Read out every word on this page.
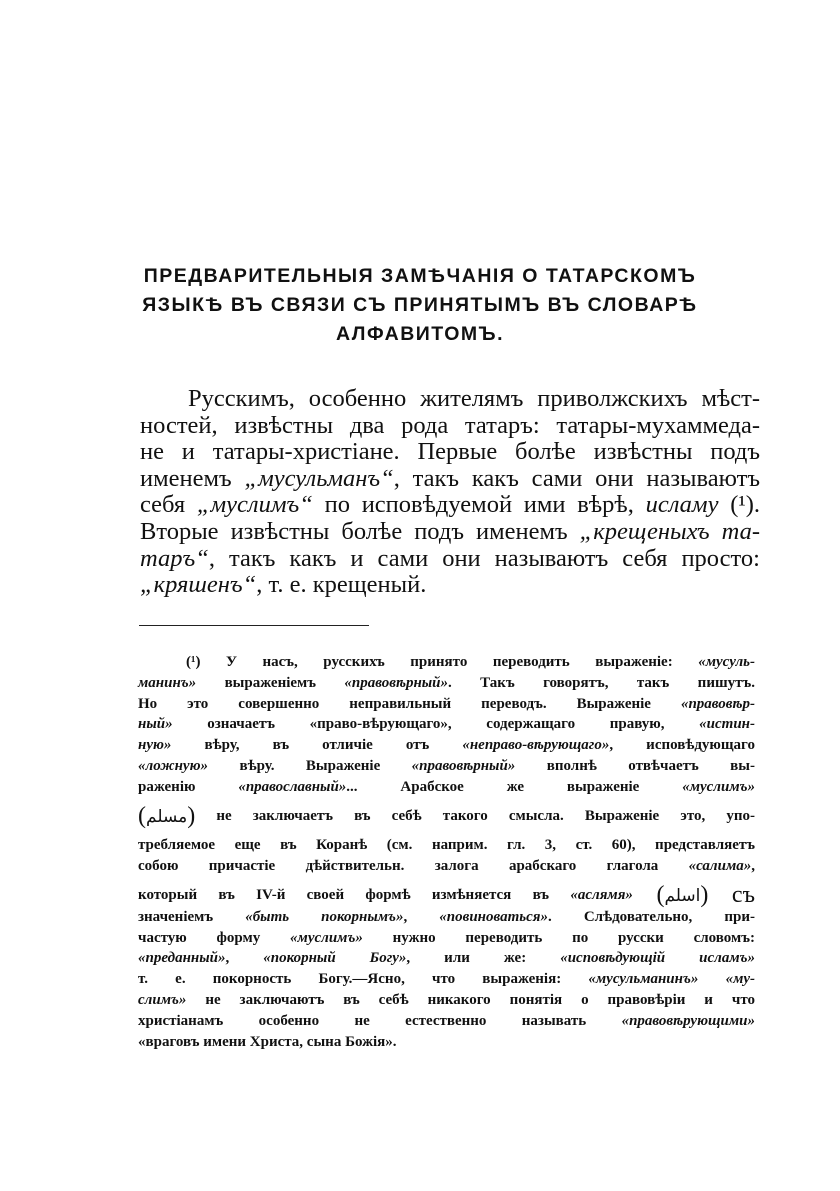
ПРЕДВАРИТЕЛЬНЫЯ ЗАМѢЧАНІЯ О ТАТАРСКОМЪ
ЯЗЫКѢ ВЪ СВЯЗИ СЪ ПРИНЯТЫМЪ ВЪ СЛОВАРѢ
АЛФАВИТОМЪ.
Русскимъ, особенно жителямъ приволжскихъ мѣст-
ностей, извѣстны два рода татаръ: татары-мухаммеда-
не и татары-христіане. Первые болѣе извѣстны подъ
именемъ „мусульманъ“, такъ какъ сами они называютъ
себя „муслимъ“ по исповѣдуемой ими вѣрѣ, исламу (¹).
Вторые извѣстны болѣе подъ именемъ „крещеныхъ та-
таръ“, такъ какъ и сами они называютъ себя просто:
„кряшенъ“, т. е. крещеный.
(¹) У насъ, русскихъ принято переводить выраженіе: «мусуль-
манинъ» выраженіемъ «правовѣрный». Такъ говорятъ, такъ пишутъ.
Но это совершенно неправильный переводъ. Выраженіе «правовѣр-
ный» означаетъ «право-вѣрующаго», содержащаго правую, «истин-
ную» вѣру, въ отличіе отъ «неправо-вѣрующаго», исповѣдующаго
«ложную» вѣру. Выраженіе «правовѣрный» вполнѣ отвѣчаетъ вы-
раженію «православный»... Арабское же выраженіе «муслимъ»
(مسلم) не заключаетъ въ себѣ такого смысла. Выраженіе это, упо-
требляемое еще въ Коранѣ (см. наприм. гл. 3, ст. 60), представляетъ
собою причастіе дѣйствительн. залога арабскаго глагола «салима»,
который въ IV-й своей формѣ измѣняется въ «аслямя» (اسلم) съ
значеніемъ «быть покорнымъ», «повиноваться». Слѣдовательно, при-
частую форму «муслимъ» нужно переводить по русски словомъ:
«преданный», «покорный Богу», или же: «исповѣдующій исламъ»
т. е. покорность Богу.—Ясно, что выраженія: «мусульманинъ» «му-
слимъ» не заключаютъ въ себѣ никакого понятія о правовѣріи и что
христіанамъ особенно не естественно называть «правовѣрующими»
«враговъ имени Христа, сына Божія».
